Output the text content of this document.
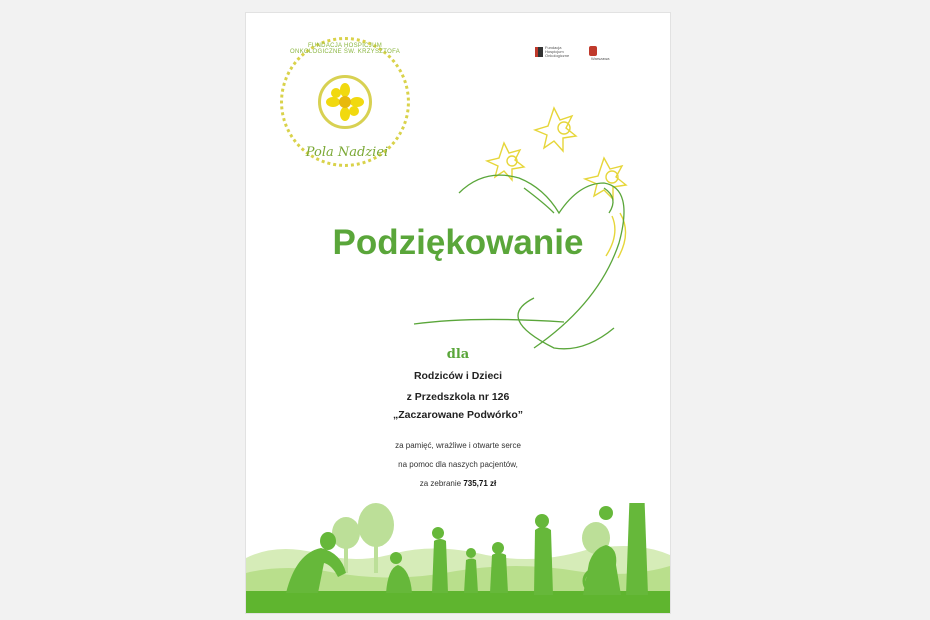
FUNDACJA HOSPICJUM ONKOLOGICZNE ŚW. KRZYSZTOFA
Pola Nadziei
Fundacja Hospicjum Onkologiczne
Warszawa
Podziękowanie
dla
Rodziców i Dzieci
z Przedszkola nr 126
„Zaczarowane Podwórko”
za pamięć, wrażliwe i otwarte serce
na pomoc dla naszych pacjentów,
za zebranie 735,71 zł
